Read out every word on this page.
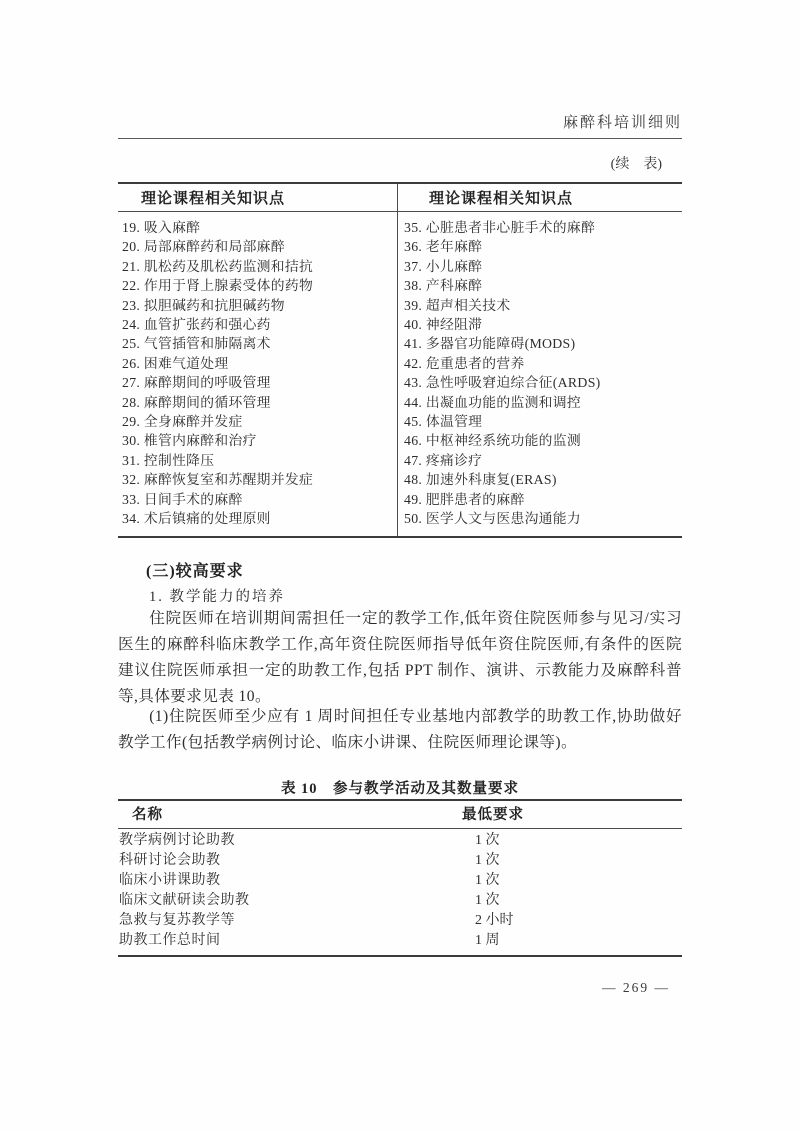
麻醉科培训细则
(续　表)
理论课程相关知识点	理论课程相关知识点
19. 吸入麻醉
20. 局部麻醉药和局部麻醉
21. 肌松药及肌松药监测和拮抗
22. 作用于肾上腺素受体的药物
23. 拟胆碱药和抗胆碱药物
24. 血管扩张药和强心药
25. 气管插管和肺隔离术
26. 困难气道处理
27. 麻醉期间的呼吸管理
28. 麻醉期间的循环管理
29. 全身麻醉并发症
30. 椎管内麻醉和治疗
31. 控制性降压
32. 麻醉恢复室和苏醒期并发症
33. 日间手术的麻醉
34. 术后镇痛的处理原则
35. 心脏患者非心脏手术的麻醉
36. 老年麻醉
37. 小儿麻醉
38. 产科麻醉
39. 超声相关技术
40. 神经阻滞
41. 多器官功能障碍(MODS)
42. 危重患者的营养
43. 急性呼吸窘迫综合征(ARDS)
44. 出凝血功能的监测和调控
45. 体温管理
46. 中枢神经系统功能的监测
47. 疼痛诊疗
48. 加速外科康复(ERAS)
49. 肥胖患者的麻醉
50. 医学人文与医患沟通能力
(三)较高要求
1. 教学能力的培养
住院医师在培训期间需担任一定的教学工作,低年资住院医师参与见习/实习医生的麻醉科临床教学工作,高年资住院医师指导低年资住院医师,有条件的医院建议住院医师承担一定的助教工作,包括 PPT 制作、演讲、示教能力及麻醉科普等,具体要求见表 10。
(1)住院医师至少应有 1 周时间担任专业基地内部教学的助教工作,协助做好教学工作(包括教学病例讨论、临床小讲课、住院医师理论课等)。
表 10　参与教学活动及其数量要求
名称	最低要求
教学病例讨论助教	1 次
科研讨论会助教	1 次
临床小讲课助教	1 次
临床文献研读会助教	1 次
急救与复苏教学等	2 小时
助教工作总时间	1 周
— 269 —
